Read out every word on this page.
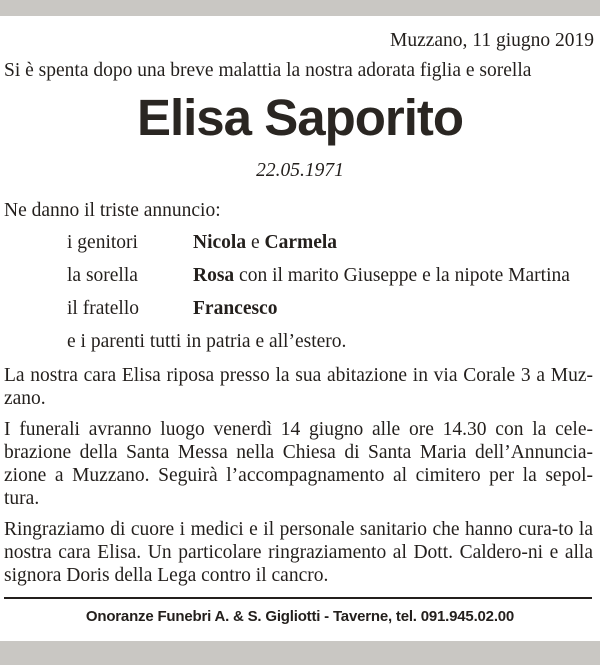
Muzzano, 11 giugno 2019
Si è spenta dopo una breve malattia la nostra adorata figlia e sorella
Elisa Saporito
22.05.1971
Ne danno il triste annuncio:
i genitori	Nicola e Carmela
la sorella	Rosa con il marito Giuseppe e la nipote Martina
il fratello	Francesco
e i parenti tutti in patria e all’estero.
La nostra cara Elisa riposa presso la sua abitazione in via Corale 3 a Muz-zano.
I funerali avranno luogo venerdì 14 giugno alle ore 14.30 con la cele-brazione della Santa Messa nella Chiesa di Santa Maria dell’Annuncia-zione a Muzzano. Seguirà l’accompagnamento al cimitero per la sepol-tura.
Ringraziamo di cuore i medici e il personale sanitario che hanno cura-to la nostra cara Elisa. Un particolare ringraziamento al Dott. Caldero-ni e alla signora Doris della Lega contro il cancro.
Onoranze Funebri A. & S. Gigliotti - Taverne, tel. 091.945.02.00
